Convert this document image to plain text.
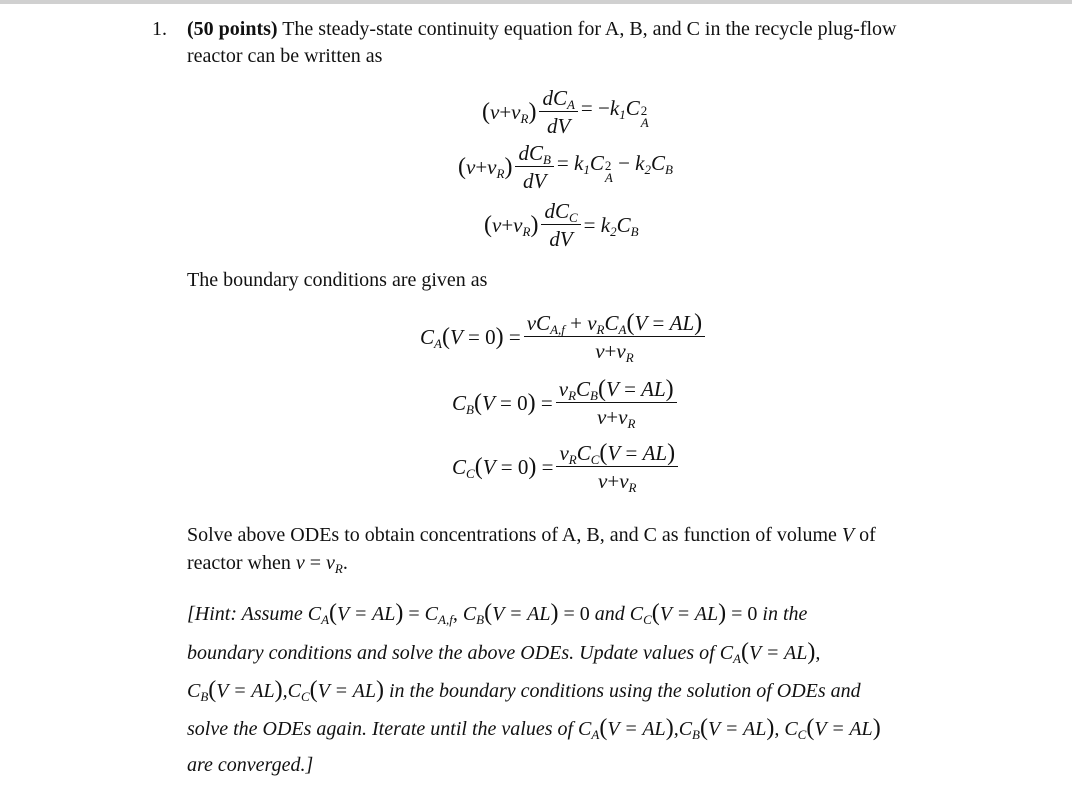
1. (50 points) The steady-state continuity equation for A, B, and C in the recycle plug-flow
reactor can be written as
$(v+v_R) \frac{dC_A}{dV} = -k_1C$ 2
A
$(v+v_R) \frac{dC_B}{dV} = k_1C$ 2
A
− $k_2C_B$
$(v+v_R) \frac{dC_C}{dV} = k_2C_B$
The boundary conditions are given as
$C_A(V = 0) = \frac{vC_{A,f} + v_RC_A(V = AL)}{v+v_R}$
$C_B(V = 0) = \frac{v_RC_B(V = AL)}{v+v_R}$
$C_C(V = 0) = \frac{v_RC_C(V = AL)}{v+v_R}$
Solve above ODEs to obtain concentrations of A, B, and C as function of volume V of
reactor when $v = v_R$.
[Hint: Assume $C_A(V = AL) = C_{A,f}$, $C_B(V = AL) = 0$ and $C_C(V = AL) = 0$ in the
boundary conditions and solve the above ODEs. Update values of $C_A(V = AL)$,
$C_B(V = AL),C_C(V = AL)$ in the boundary conditions using the solution of ODEs and
solve the ODEs again. Iterate until the values of $C_A(V = AL),C_B(V = AL)$, $C_C(V = AL)$
are converged.]
